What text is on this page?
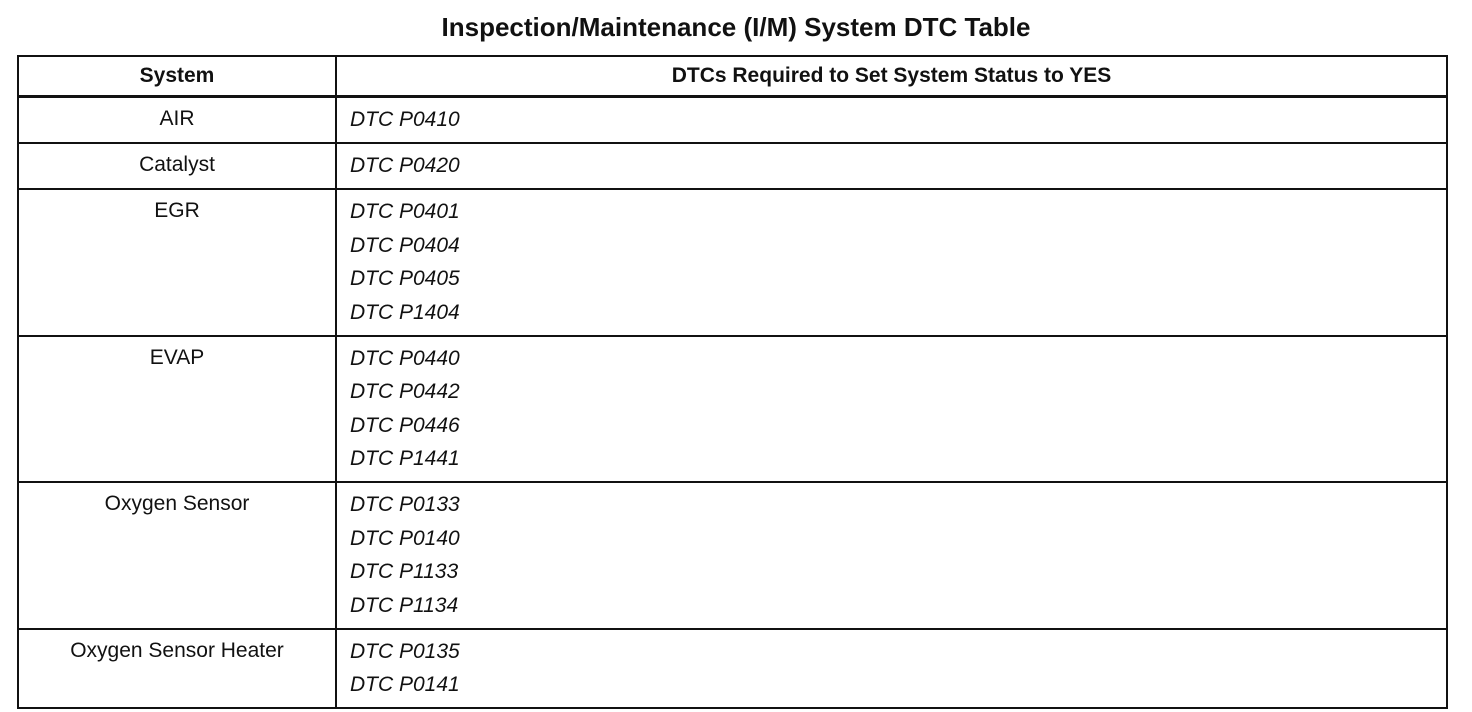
Inspection/Maintenance (I/M) System DTC Table
System	DTCs Required to Set System Status to YES
AIR	DTC P0410

Catalyst	DTC P0420

EGR	DTC P0401
DTC P0404
DTC P0405
DTC P1404

EVAP	DTC P0440
DTC P0442
DTC P0446
DTC P1441

Oxygen Sensor	DTC P0133
DTC P0140
DTC P1133
DTC P1134

Oxygen Sensor Heater	DTC P0135
DTC P0141
